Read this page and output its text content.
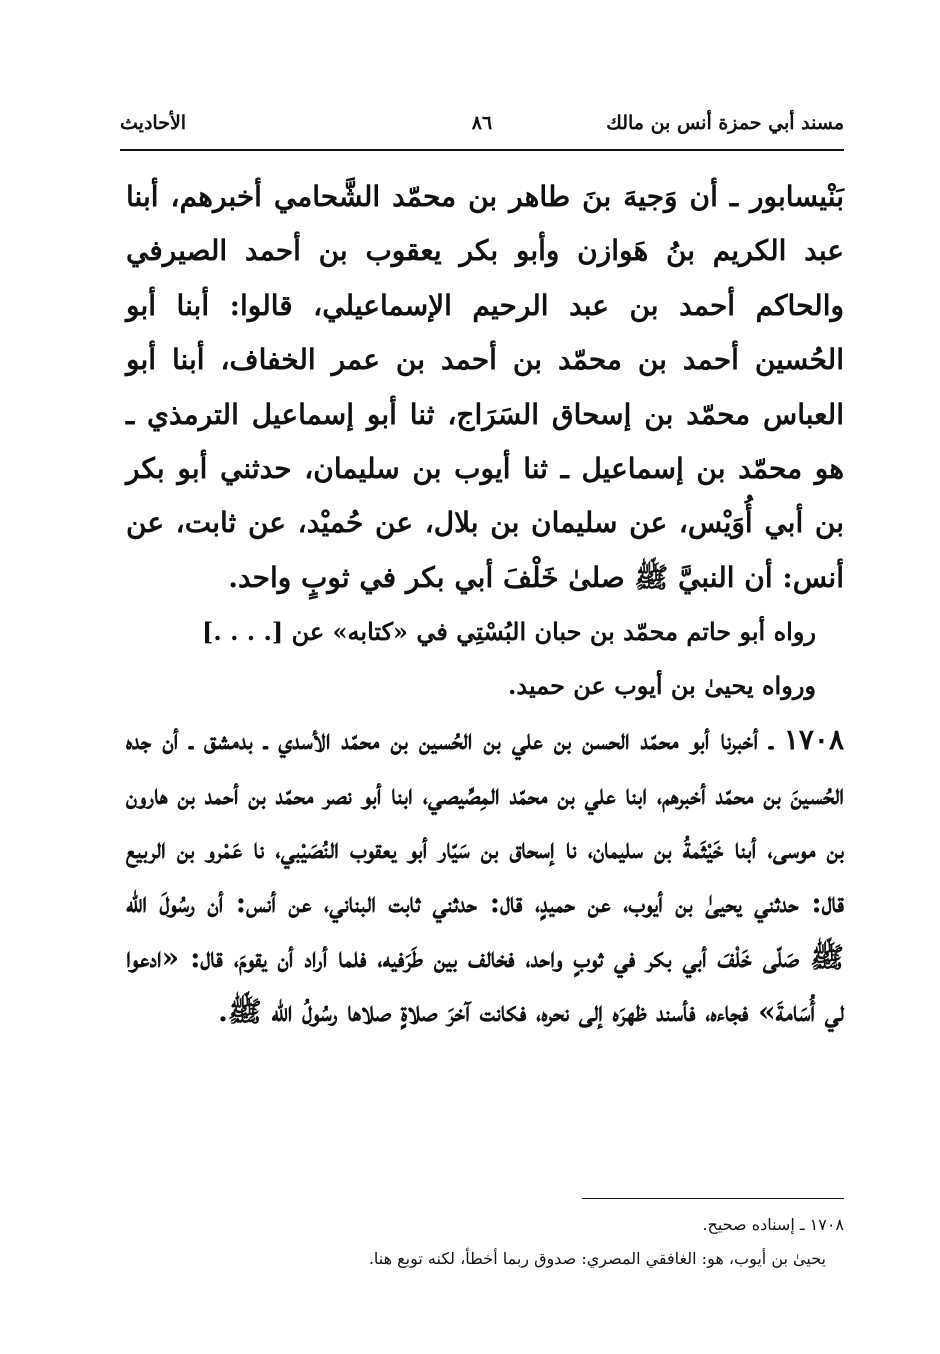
مسند أبي حمزة أنس بن مالك
٨٦
الأحاديث

بَنْيسابور ـ أن وَجيهَ بنَ طاهر بن محمّد الشَّحامي أخبرهم، أبنا عبد الكريم بنُ هَوازن وأبو بكر يعقوب بن أحمد الصيرفي والحاكم أحمد بن عبد الرحيم الإسماعيلي، قالوا: أبنا أبو الحُسين أحمد بن محمّد بن أحمد بن عمر الخفاف، أبنا أبو العباس محمّد بن إسحاق السَرَاج، ثنا أبو إسماعيل الترمذي ـ هو محمّد بن إسماعيل ـ ثنا أيوب بن سليمان، حدثني أبو بكر بن أبي أُوَيْس، عن سليمان بن بلال، عن حُميْد، عن ثابت، عن أنس: أن النبيَّ ﷺ صلىٰ خَلْفَ أبي بكر في ثوبٍ واحد.

رواه أبو حاتم محمّد بن حبان البُسْتِي في «كتابه» عن [. . . .]

ورواه يحيىٰ بن أيوب عن حميد.

١٧٠٨ ـ أخبرنا أبو محمّد الحسن بن علي بن الحُسين بن محمّد الأسدي ـ بدمشق ـ أن جده الحُسينَ بن محمّد أخبرهم، ابنا علي بن محمّد المِصِّيصي، ابنا أبو نصر محمّد بن أحمد بن هارون بن موسى، أبنا خَيْثَمةُ بن سليمان، نا إسحاق بن سَيّار أبو يعقوب النُصَيْبي، نا عَمْرو بن الربيع قال: حدثني يحيىٰ بن أيوب، عن حميدٍ، قال: حدثني ثابت البناني، عن أنس: أن رسُولَ الله ﷺ صَلّى خَلْفَ أبي بكر في ثوبٍ واحد، فخالف بين طَرَفيه، فلما أراد أن يقومَ، قال: «ادعوا لي أُسَامةَ» فجاءه، فأسند ظهرَه إلى نحره، فكانت آخرَ صلاةٍ صلاها رسُولُ الله ﷺ.

١٧٠٨ ـ إسناده صحيح.

يحيىٰ بن أيوب، هو: الغافقي المصري: صدوق ربما أخطأ، لكنه توبع هنا.
